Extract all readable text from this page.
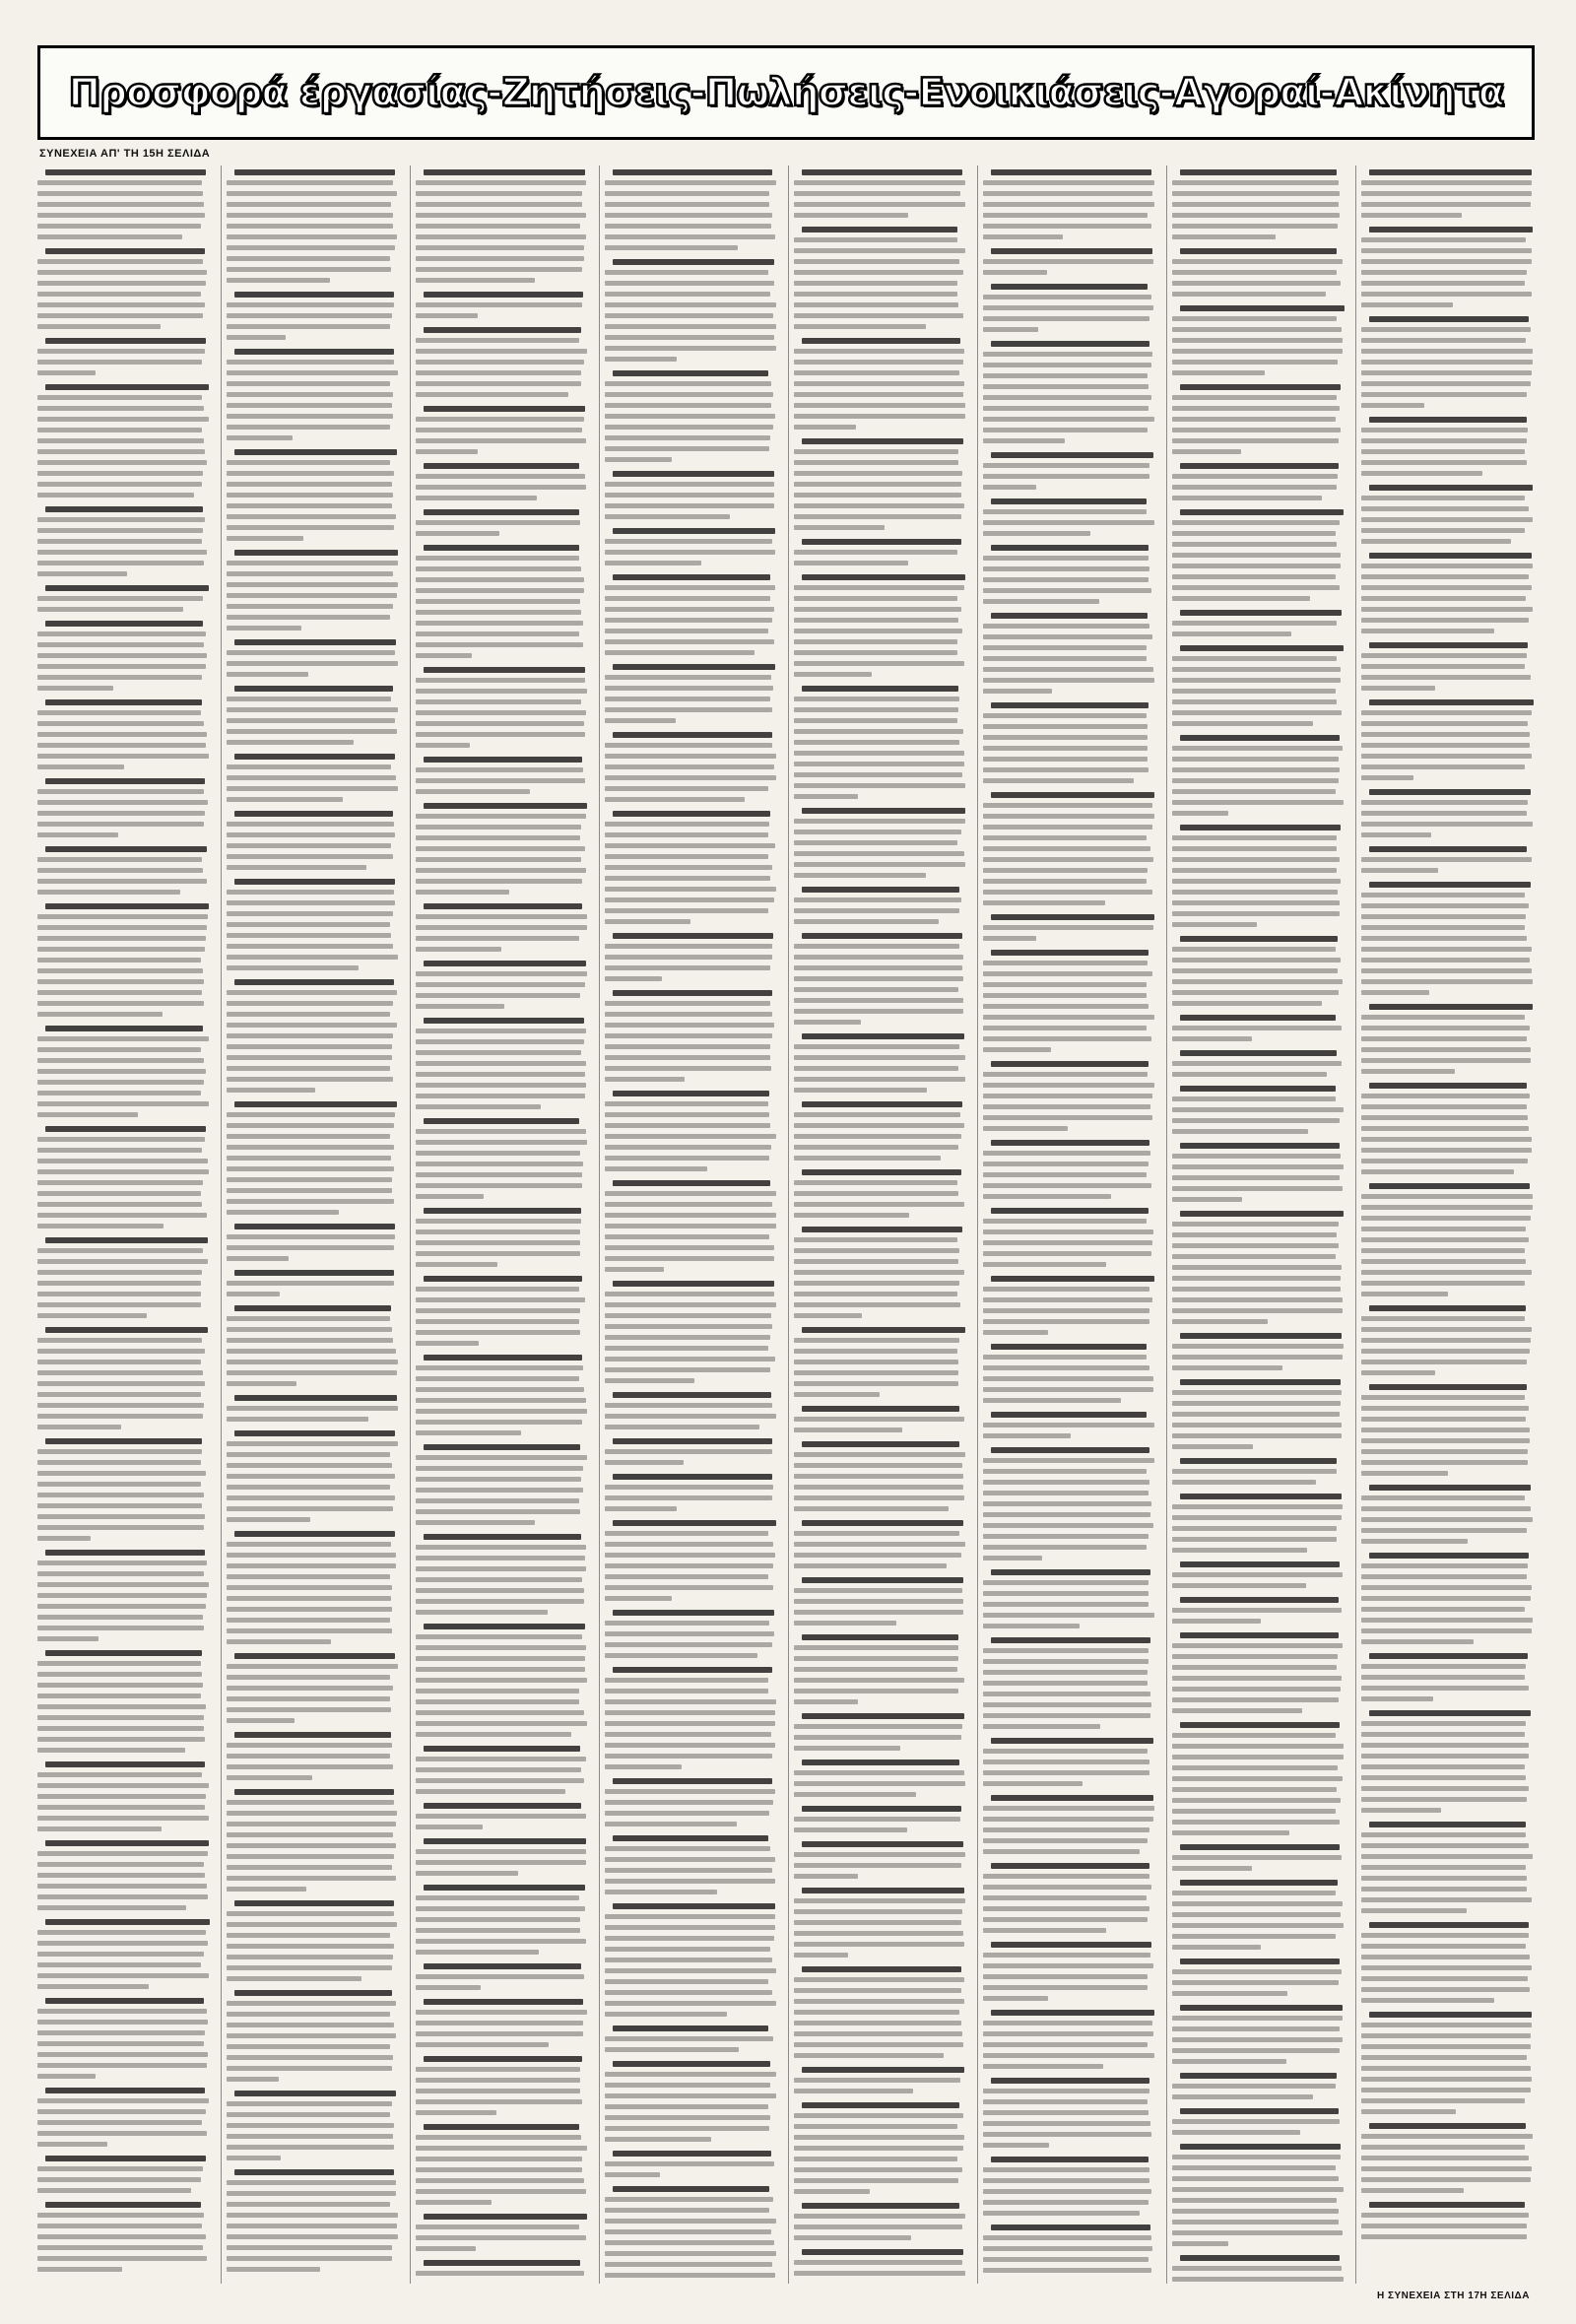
Προσφορά έργασίας-Ζητήσεις-Πωλήσεις-Ενοικιάσεις-Αγοραί-Ακίνητα
ΣΥΝΕΧΕΙΑ ΑΠ' ΤΗ 15Η ΣΕΛΙΔΑ
Η ΣΥΝΕΧΕΙΑ ΣΤΗ 17Η ΣΕΛΙΔΑ
